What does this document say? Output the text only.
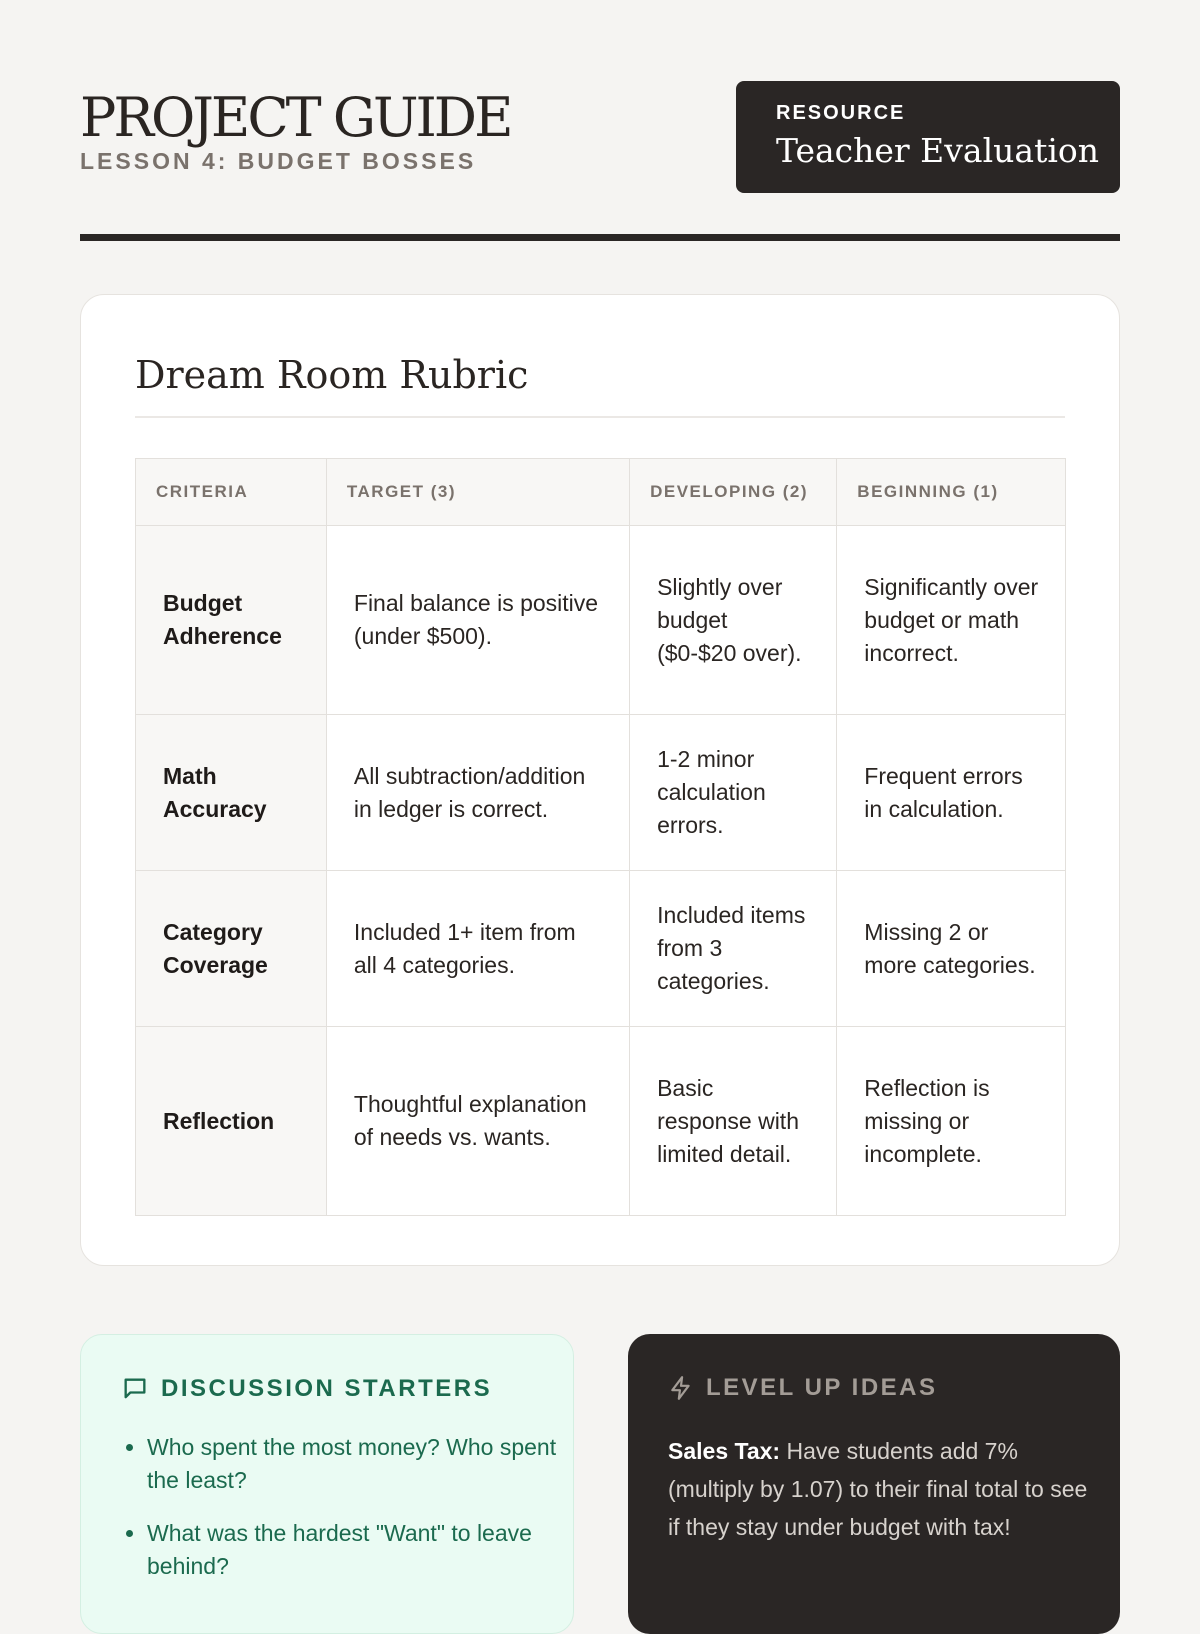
PROJECT GUIDE
LESSON 4: BUDGET BOSSES
RESOURCE
Teacher Evaluation
Dream Room Rubric
CRITERIA	TARGET (3)	DEVELOPING (2)	BEGINNING (1)
Budget Adherence	Final balance is positive (under $500).	Slightly over budget ($0-$20 over).	Significantly over budget or math incorrect.
Math Accuracy	All subtraction/addition in ledger is correct.	1-2 minor calculation errors.	Frequent errors in calculation.
Category Coverage	Included 1+ item from all 4 categories.	Included items from 3 categories.	Missing 2 or more categories.
Reflection	Thoughtful explanation of needs vs. wants.	Basic response with limited detail.	Reflection is missing or incomplete.
DISCUSSION STARTERS
• Who spent the most money? Who spent the least?
• What was the hardest "Want" to leave behind?
LEVEL UP IDEAS
Sales Tax: Have students add 7% (multiply by 1.07) to their final total to see if they stay under budget with tax!
